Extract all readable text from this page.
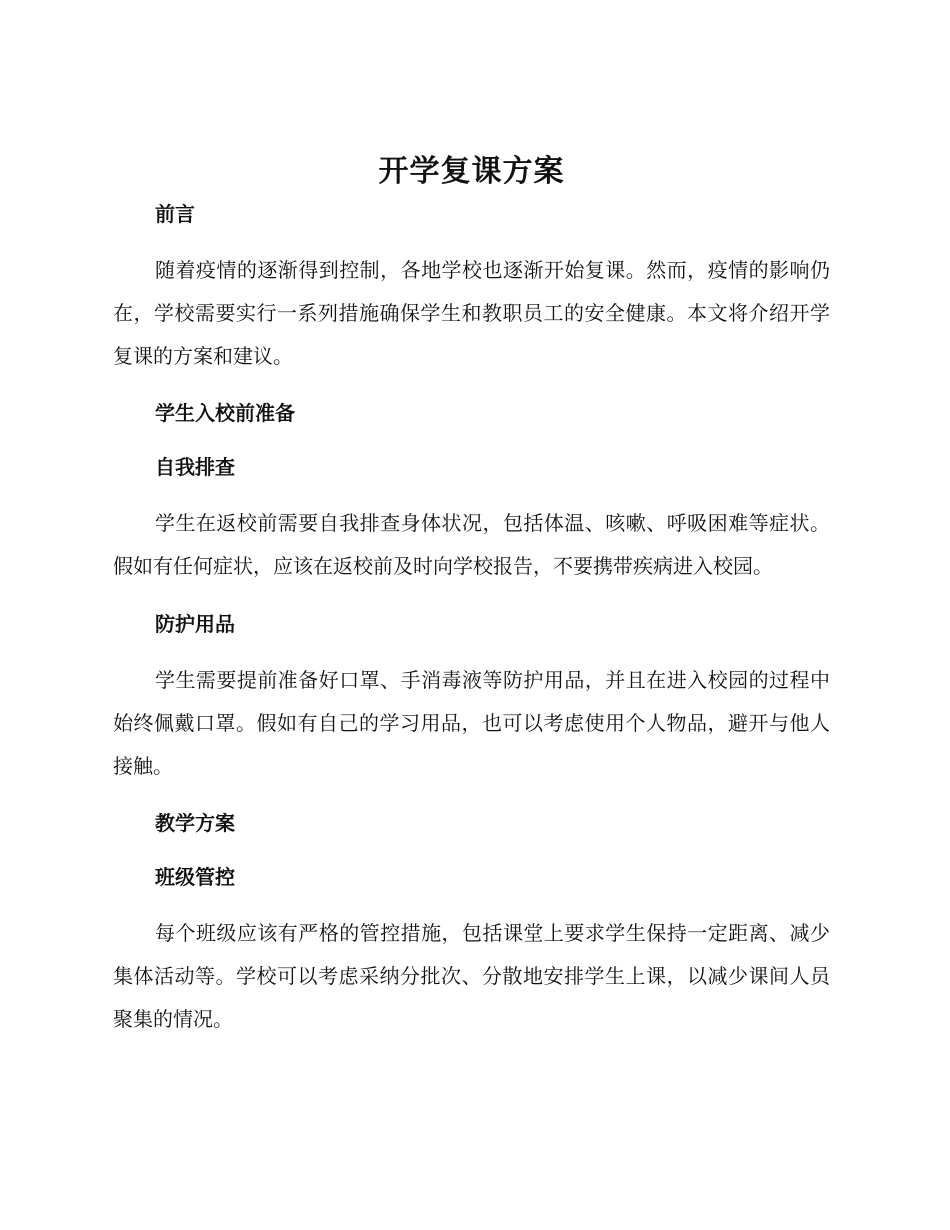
开学复课方案
前言

随着疫情的逐渐得到控制，各地学校也逐渐开始复课。然而，疫情的影响仍在，学校需要实行一系列措施确保学生和教职员工的安全健康。本文将介绍开学复课的方案和建议。

学生入校前准备
自我排查

学生在返校前需要自我排查身体状况，包括体温、咳嗽、呼吸困难等症状。假如有任何症状，应该在返校前及时向学校报告，不要携带疾病进入校园。

防护用品

学生需要提前准备好口罩、手消毒液等防护用品，并且在进入校园的过程中始终佩戴口罩。假如有自己的学习用品，也可以考虑使用个人物品，避开与他人接触。

教学方案
班级管控

每个班级应该有严格的管控措施，包括课堂上要求学生保持一定距离、减少集体活动等。学校可以考虑采纳分批次、分散地安排学生上课，以减少课间人员聚集的情况。
